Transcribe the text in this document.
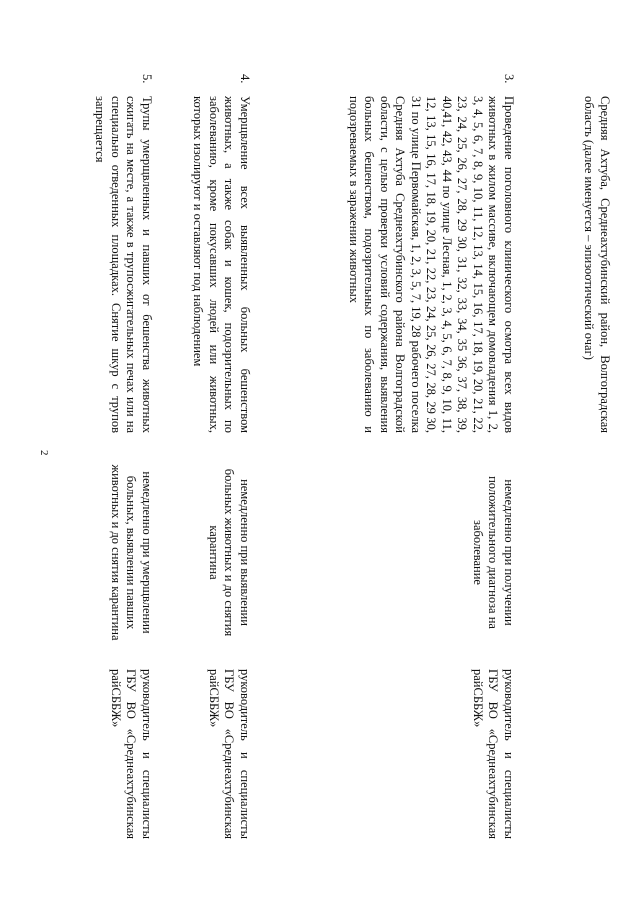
2
Средняя Ахтуба, Среднеахтубинский район, Волгоградская область (далее именуется – эпизоотический очаг)
3.
Проведение поголовного клинического осмотра всех видов животных в жилом массиве, включающем домовладения 1, 2, 3, 4, 5, 6, 7, 8, 9, 10, 11, 12, 13, 14, 15, 16, 17, 18, 19, 20, 21, 22, 23, 24, 25, 26, 27, 28, 29 30, 31, 32, 33, 34, 35 36, 37, 38, 39, 40,41, 42, 43, 44 по улице Лесная, 1, 2, 3, 4, 5, 6, 7, 8, 9, 10, 11, 12, 13, 15, 16, 17, 18, 19, 20, 21, 22, 23, 24, 25, 26, 27, 28, 29 30, 31 по улице Первомайская, 1, 2, 3, 5, 7, 19, 28 рабочего поселка Средняя Ахтуба Среднеахтубинского района Волгоградской области, с целью проверки условий содержания, выявления больных бешенством, подозрительных по заболеванию и подозреваемых в заражении животных
немедленно при получении положительного диагноза на заболевание
руководитель и специалисты ГБУ ВО «Среднеахтубинская райСББЖ»
4.
Умерщвление всех выявленных больных бешенством животных, а также собак и кошек, подозрительных по заболеванию, кроме покусавших людей или животных, которых изолируют и оставляют под наблюдением
немедленно при выявлении больных животных и до снятия карантина
руководитель и специалисты ГБУ ВО «Среднеахтубинская райСББЖ»
5.
Трупы умерщвленных и павших от бешенства животных сжигать на месте, а также в трупосжигательных печах или на специально отведенных площадках. Снятие шкур с трупов запрещается
немедленно при умерщвлении больных, выявлении павших животных и до снятия карантина
руководитель и специалисты ГБУ ВО «Среднеахтубинская райСББЖ»
